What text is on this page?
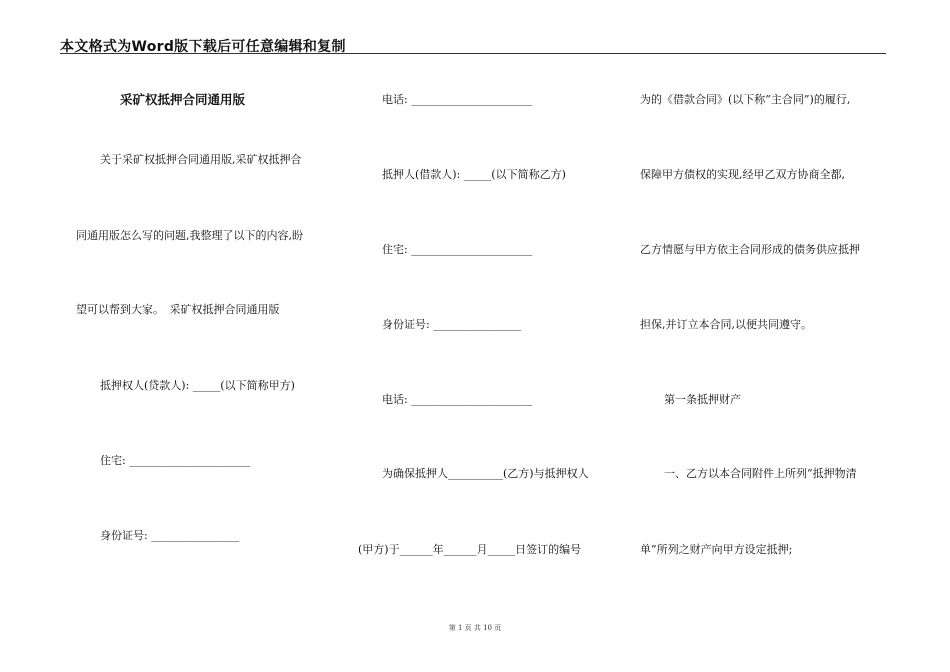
本文格式为Word版下载后可任意编辑和复制
采矿权抵押合同通用版
关于采矿权抵押合同通用版,采矿权抵押合
同通用版怎么写的问题,我整理了以下的内容,盼
望可以帮到大家。　采矿权抵押合同通用版
抵押权人(贷款人): _____(以下简称甲方)
住宅: ______________________
身份证号: ________________
电话: ______________________
抵押人(借款人): _____(以下简称乙方)
住宅: ______________________
身份证号: ________________
电话: ______________________
为确保抵押人__________(乙方)与抵押权人
(甲方)于______年______月_____日签订的编号
为的《借款合同》(以下称“主合同”)的履行,
保障甲方债权的实现,经甲乙双方协商全都,
乙方情愿与甲方依主合同形成的债务供应抵押
担保,并订立本合同,以便共同遵守。
第一条抵押财产
一、乙方以本合同附件上所列“抵押物清
单”所列之财产向甲方设定抵押;
第 1 页 共 10 页
